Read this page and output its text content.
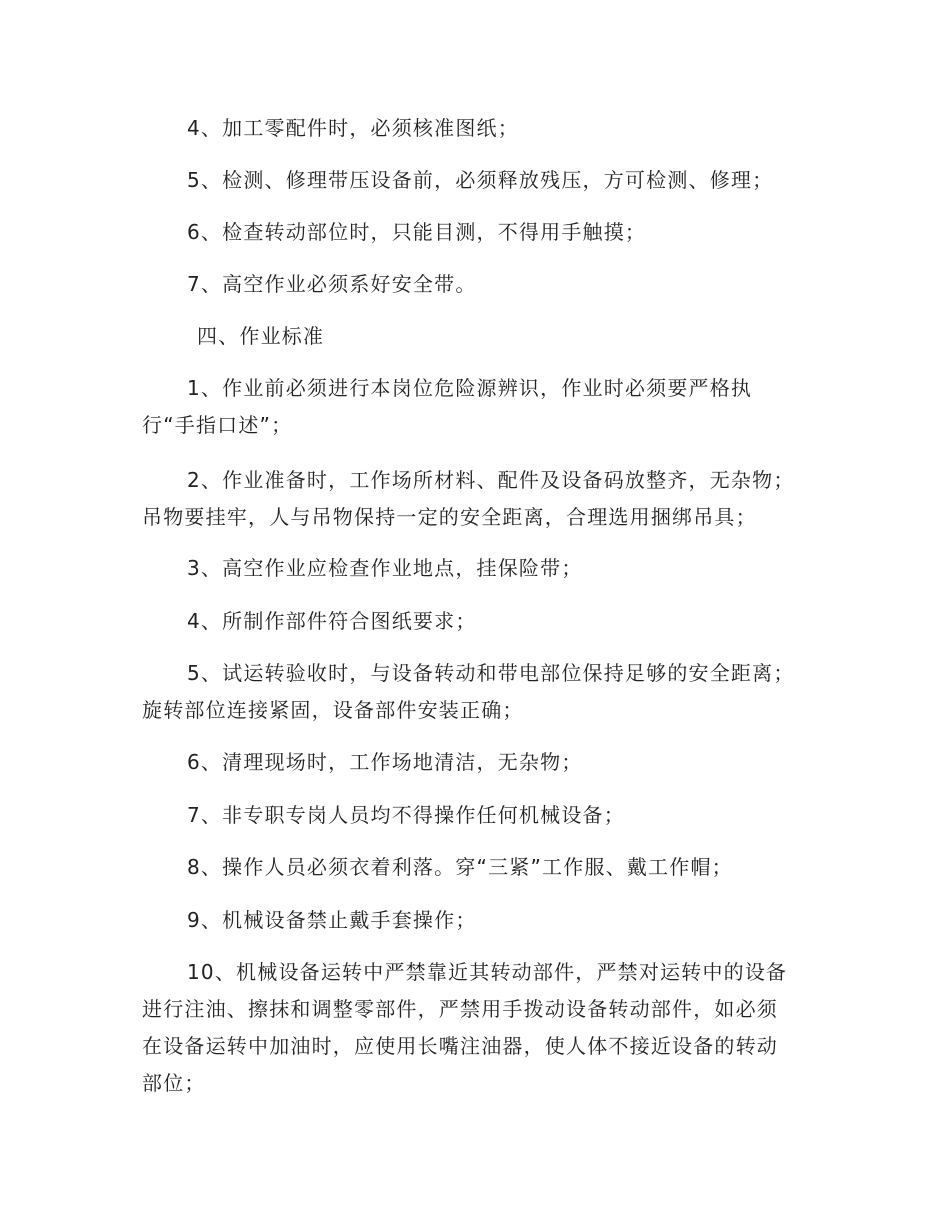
4、加工零配件时，必须核准图纸；

5、检测、修理带压设备前，必须释放残压，方可检测、修理；

6、检查转动部位时，只能目测，不得用手触摸；

7、高空作业必须系好安全带。

四、作业标准

1、作业前必须进行本岗位危险源辨识，作业时必须要严格执
行“手指口述”；

2、作业准备时，工作场所材料、配件及设备码放整齐，无杂物；
吊物要挂牢，人与吊物保持一定的安全距离，合理选用捆绑吊具；

3、高空作业应检查作业地点，挂保险带；

4、所制作部件符合图纸要求；

5、试运转验收时，与设备转动和带电部位保持足够的安全距离；
旋转部位连接紧固，设备部件安装正确；

6、清理现场时，工作场地清洁，无杂物；

7、非专职专岗人员均不得操作任何机械设备；

8、操作人员必须衣着利落。穿“三紧”工作服、戴工作帽；

9、机械设备禁止戴手套操作；

10、机械设备运转中严禁靠近其转动部件，严禁对运转中的设备
进行注油、擦抹和调整零部件，严禁用手拨动设备转动部件，如必须
在设备运转中加油时，应使用长嘴注油器，使人体不接近设备的转动
部位；
